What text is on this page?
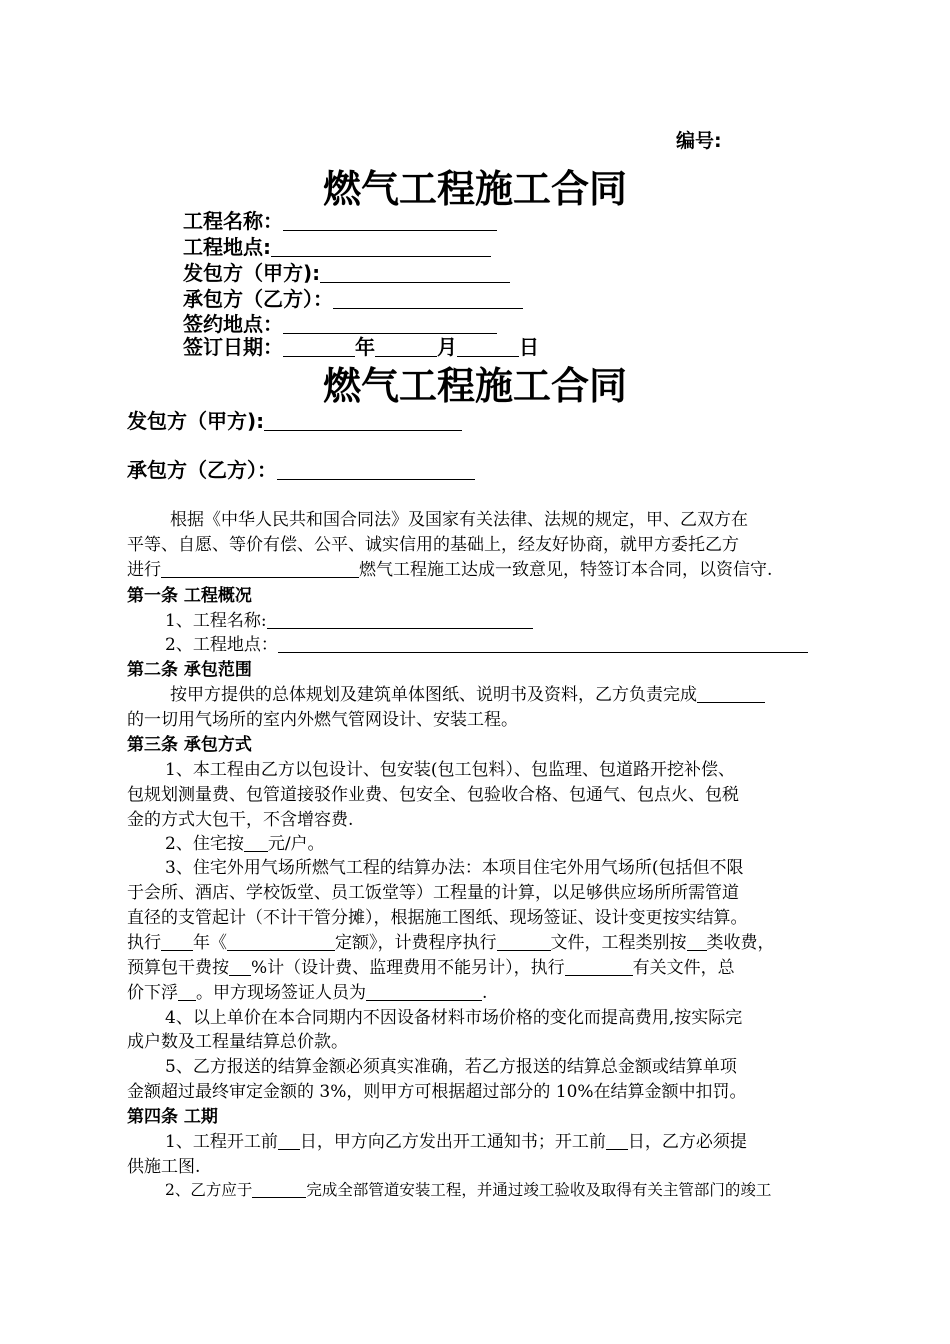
编号:
燃气工程施工合同
工程名称：
工程地点:
发包方（甲方):
承包方（乙方）：
签约地点：
签订日期：	年	月	日
燃气工程施工合同
发包方（甲方):
承包方（乙方）：
根据《中华人民共和国合同法》及国家有关法律、法规的规定，甲、乙双方在
平等、自愿、等价有偿、公平、诚实信用的基础上，经友好协商，就甲方委托乙方
进行	燃气工程施工达成一致意见，特签订本合同，以资信守.
第一条 工程概况
1、工程名称:
2、工程地点：
第二条 承包范围
按甲方提供的总体规划及建筑单体图纸、说明书及资料，乙方负责完成
的一切用气场所的室内外燃气管网设计、安装工程。
第三条 承包方式
1、本工程由乙方以包设计、包安装(包工包料）、包监理、包道路开挖补偿、
包规划测量费、包管道接驳作业费、包安全、包验收合格、包通气、包点火、包税
金的方式大包干，不含增容费.
2、住宅按 元/户。
3、住宅外用气场所燃气工程的结算办法：本项目住宅外用气场所(包括但不限
于会所、酒店、学校饭堂、员工饭堂等）工程量的计算，以足够供应场所所需管道
直径的支管起计（不计干管分摊），根据施工图纸、现场签证、设计变更按实结算。
执行 年《	定额》，计费程序执行	文件，工程类别按 类收费，
预算包干费按 %计（设计费、监理费用不能另计），执行	有关文件，总
价下浮 。甲方现场签证人员为	.
4、以上单价在本合同期内不因设备材料市场价格的变化而提高费用,按实际完
成户数及工程量结算总价款。
5、乙方报送的结算金额必须真实准确，若乙方报送的结算总金额或结算单项
金额超过最终审定金额的 3%，则甲方可根据超过部分的 10%在结算金额中扣罚。
第四条 工期
1、工程开工前 日，甲方向乙方发出开工通知书；开工前 日，乙方必须提
供施工图.
2、乙方应于	完成全部管道安装工程，并通过竣工验收及取得有关主管部门的竣工
